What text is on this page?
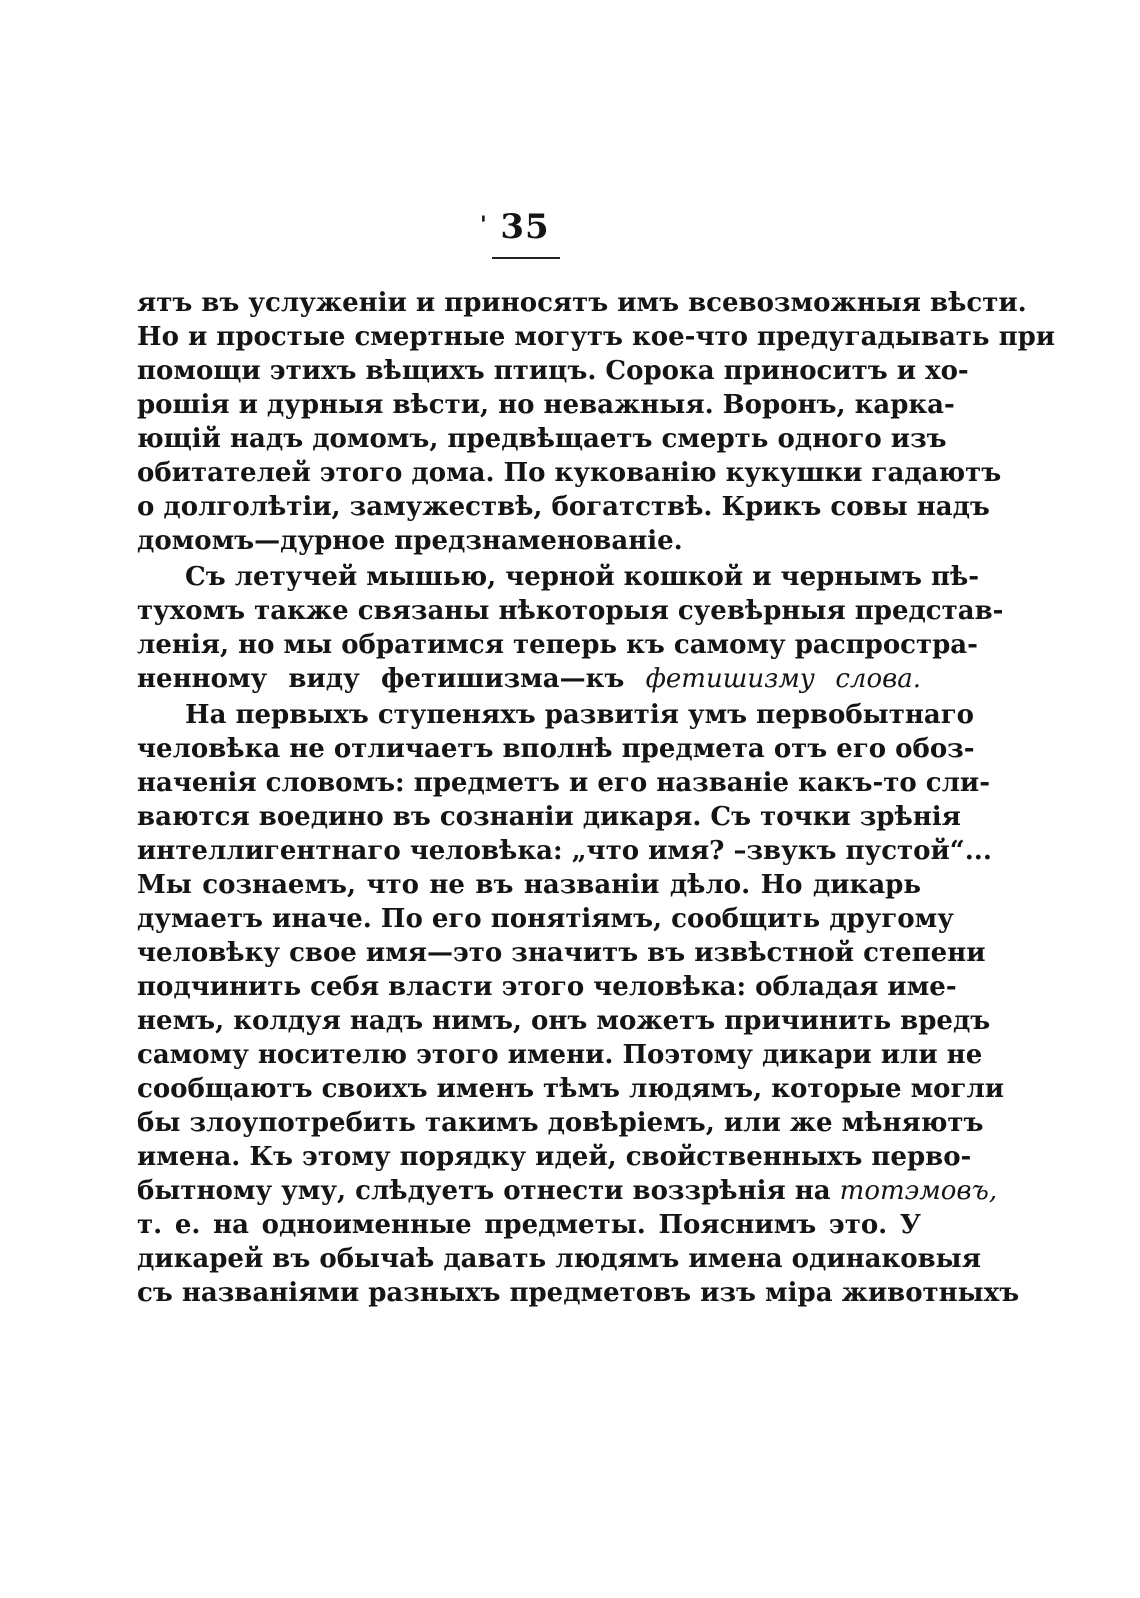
' 35
ятъ въ услуженіи и приносятъ имъ всевозможныя вѣсти.
Но и простые смертные могутъ кое-что предугадывать при
помощи этихъ вѣщихъ птицъ. Сорока приноситъ и хо-
рошія и дурныя вѣсти, но неважныя. Воронъ, карка-
ющій надъ домомъ, предвѣщаетъ смерть одного изъ
обитателей этого дома. По кукованію кукушки гадаютъ
о долголѣтіи, замужествѣ, богатствѣ. Крикъ совы надъ
домомъ—дурное предзнаменованіе.
Съ летучей мышью, черной кошкой и чернымъ пѣ-
тухомъ также связаны нѣкоторыя суевѣрныя представ-
ленія, но мы обратимся теперь къ самому распростра-
ненному виду фетишизма—къ фетишизму слова.
На первыхъ ступеняхъ развитія умъ первобытнаго
человѣка не отличаетъ вполнѣ предмета отъ его обоз-
наченія словомъ: предметъ и его названіе какъ-то сли-
ваются воедино въ сознаніи дикаря. Съ точки зрѣнія
интеллигентнаго человѣка: „что имя? –звукъ пустой“...
Мы сознаемъ, что не въ названіи дѣло. Но дикарь
думаетъ иначе. По его понятіямъ, сообщить другому
человѣку свое имя—это значитъ въ извѣстной степени
подчинить себя власти этого человѣка: обладая име-
немъ, колдуя надъ нимъ, онъ можетъ причинить вредъ
самому носителю этого имени. Поэтому дикари или не
сообщаютъ своихъ именъ тѣмъ людямъ, которые могли
бы злоупотребить такимъ довѣріемъ, или же мѣняютъ
имена. Къ этому порядку идей, свойственныхъ перво-
бытному уму, слѣдуетъ отнести воззрѣнія на тотэмовъ,
т. е. на одноименные предметы. Пояснимъ это. У
дикарей въ обычаѣ давать людямъ имена одинаковыя
съ названіями разныхъ предметовъ изъ міра животныхъ
